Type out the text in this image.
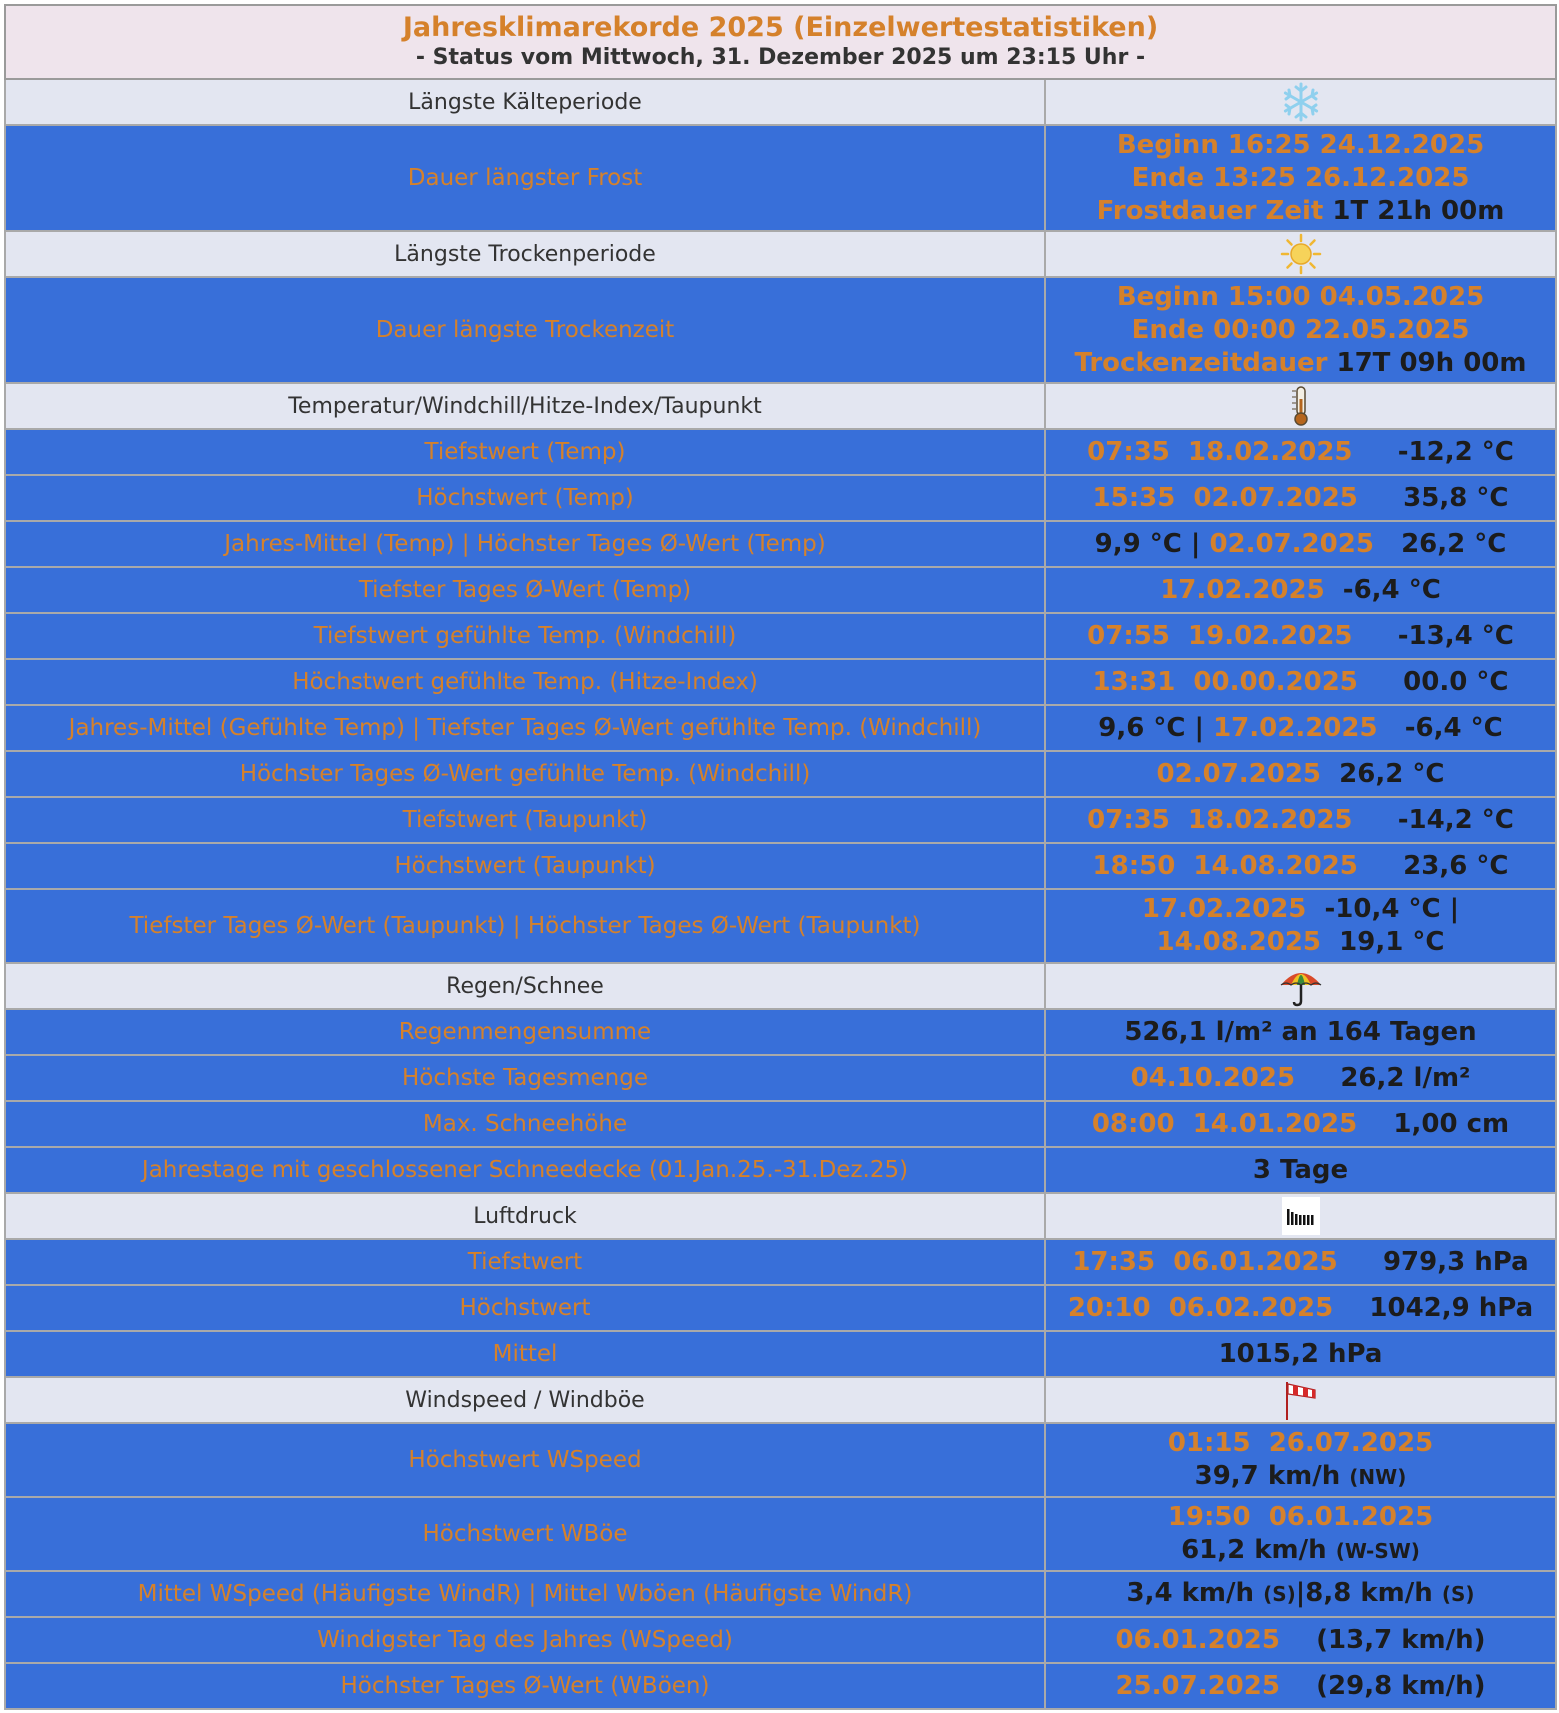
Jahresklimarekorde 2025 (Einzelwertestatistiken)
- Status vom Mittwoch, 31. Dezember 2025 um 23:15 Uhr -	

Längste Kälteperiode	
Dauer längster Frost	Beginn 16:25 24.12.2025
Ende 13:25 26.12.2025
Frostdauer Zeit 1T 21h 00m

Längste Trockenperiode	
Dauer längste Trockenzeit	Beginn 15:00 04.05.2025
Ende 00:00 22.05.2025
Trockenzeitdauer 17T 09h 00m

Temperatur/Windchill/Hitze-Index/Taupunkt	
Tiefstwert (Temp)	07:35 18.02.2025 -12,2 °C
Höchstwert (Temp)	15:35 02.07.2025 35,8 °C
Jahres-Mittel (Temp) | Höchster Tages Ø-Wert (Temp)	9,9 °C | 02.07.2025 26,2 °C
Tiefster Tages Ø-Wert (Temp)	17.02.2025 -6,4 °C
Tiefstwert gefühlte Temp. (Windchill)	07:55 19.02.2025 -13,4 °C
Höchstwert gefühlte Temp. (Hitze-Index)	13:31 00.00.2025 00.0 °C
Jahres-Mittel (Gefühlte Temp) | Tiefster Tages Ø-Wert gefühlte Temp. (Windchill)	9,6 °C | 17.02.2025 -6,4 °C
Höchster Tages Ø-Wert gefühlte Temp. (Windchill)	02.07.2025 26,2 °C
Tiefstwert (Taupunkt)	07:35 18.02.2025 -14,2 °C
Höchstwert (Taupunkt)	18:50 14.08.2025 23,6 °C
Tiefster Tages Ø-Wert (Taupunkt) | Höchster Tages Ø-Wert (Taupunkt)	17.02.2025 -10,4 °C |
14.08.2025 19,1 °C

Regen/Schnee	
Regenmengensumme	526,1 l/m² an 164 Tagen
Höchste Tagesmenge	04.10.2025 26,2 l/m²
Max. Schneehöhe	08:00 14.01.2025 1,00 cm
Jahrestage mit geschlossener Schneedecke (01.Jan.25.-31.Dez.25)	3 Tage
Luftdruck	
Tiefstwert	17:35 06.01.2025 979,3 hPa
Höchstwert	20:10 06.02.2025 1042,9 hPa
Mittel	1015,2 hPa
Windspeed / Windböe	
Höchstwert WSpeed	01:15 26.07.2025
39,7 km/h (NW)

Höchstwert WBöe	19:50 06.01.2025
61,2 km/h (W-SW)

Mittel WSpeed (Häufigste WindR) | Mittel Wböen (Häufigste WindR)	3,4 km/h (S)|8,8 km/h (S)
Windigster Tag des Jahres (WSpeed)	06.01.2025 (13,7 km/h)
Höchster Tages Ø-Wert (WBöen)	25.07.2025 (29,8 km/h)
